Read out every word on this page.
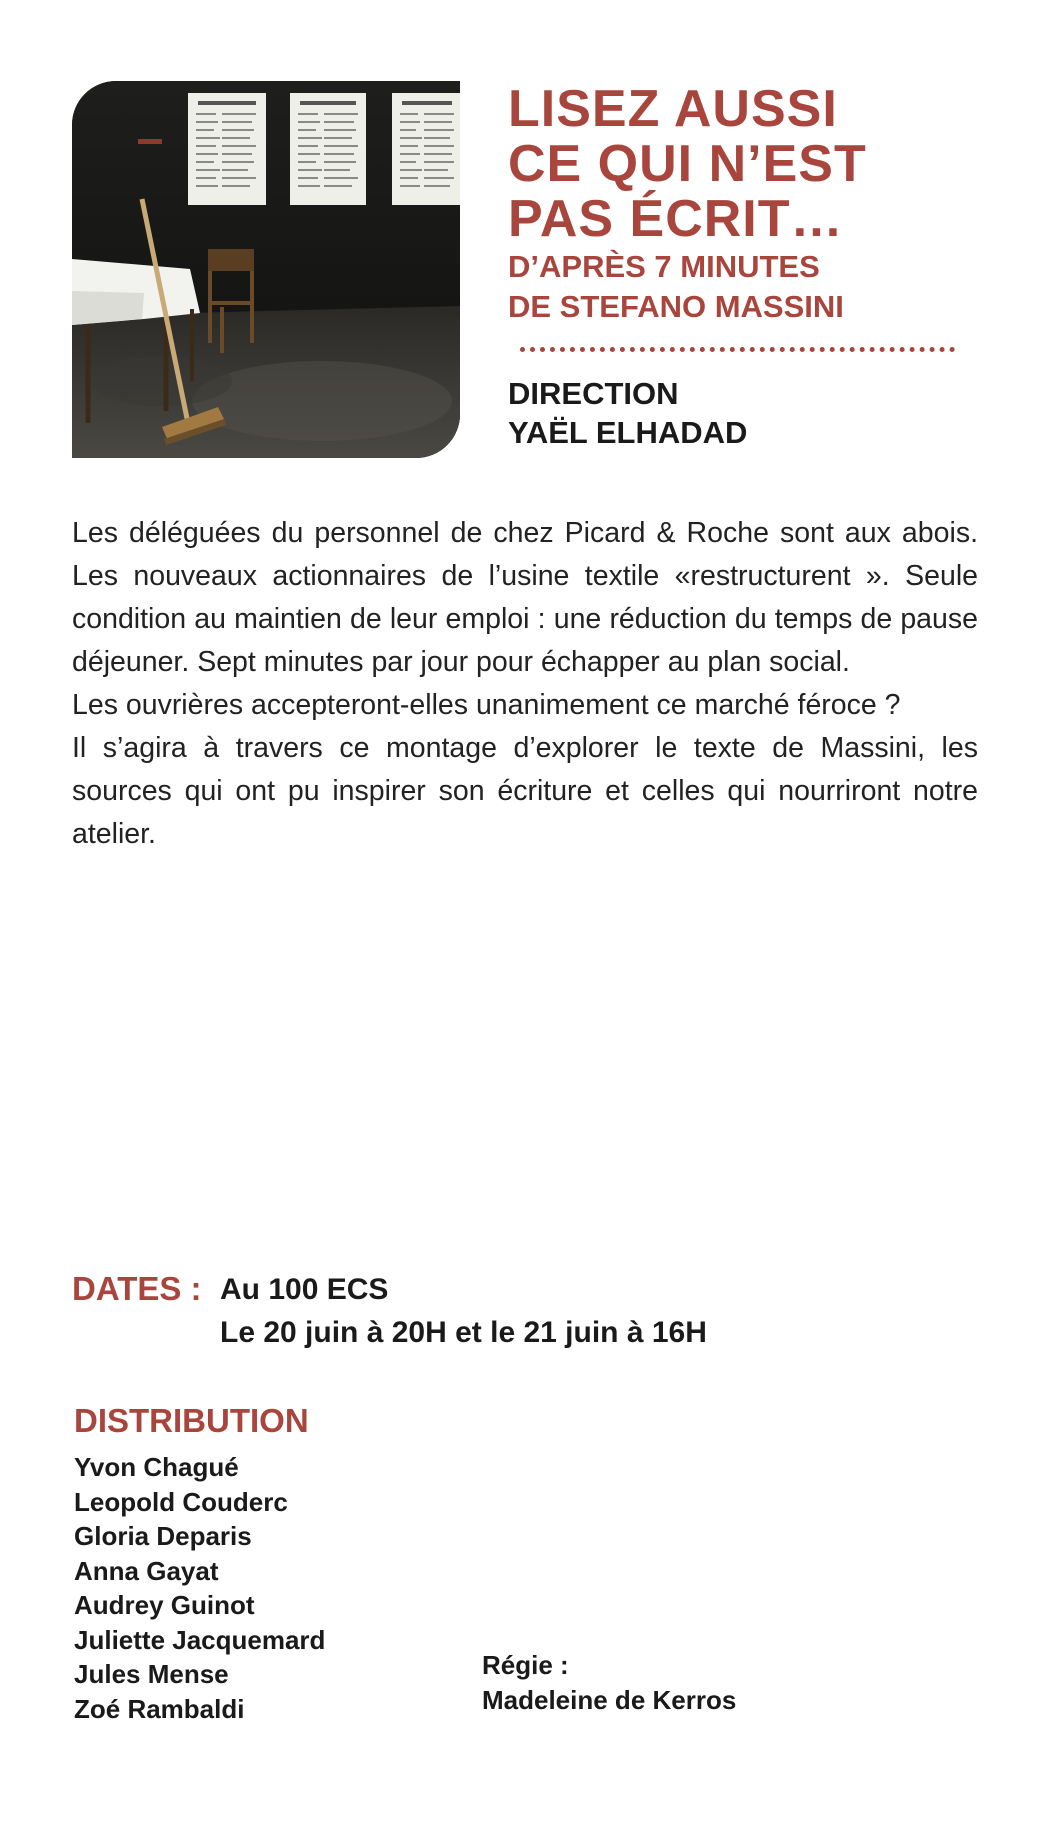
LISEZ AUSSI
CE QUI N’EST
PAS ÉCRIT…
D’APRÈS 7 MINUTES
DE STEFANO MASSINI
DIRECTION
YAËL ELHADAD

Les déléguées du personnel de chez Picard & Roche sont aux abois. Les nouveaux actionnaires de l’usine textile «restructurent ». Seule condition au maintien de leur emploi : une réduction du temps de pause déjeuner. Sept minutes par jour pour échapper au plan social.

Les ouvrières accepteront-elles unanimement ce marché féroce ?

Il s’agira à travers ce montage d’explorer le texte de Massini, les sources qui ont pu inspirer son écriture et celles qui nourriront notre atelier.

DATES : Au 100 ECS
Le 20 juin à 20H et le 21 juin à 16H
DISTRIBUTION
Yvon Chagué
Leopold Couderc
Gloria Deparis
Anna Gayat
Audrey Guinot
Juliette Jacquemard
Jules Mense
Zoé Rambaldi
Régie :
Madeleine de Kerros
